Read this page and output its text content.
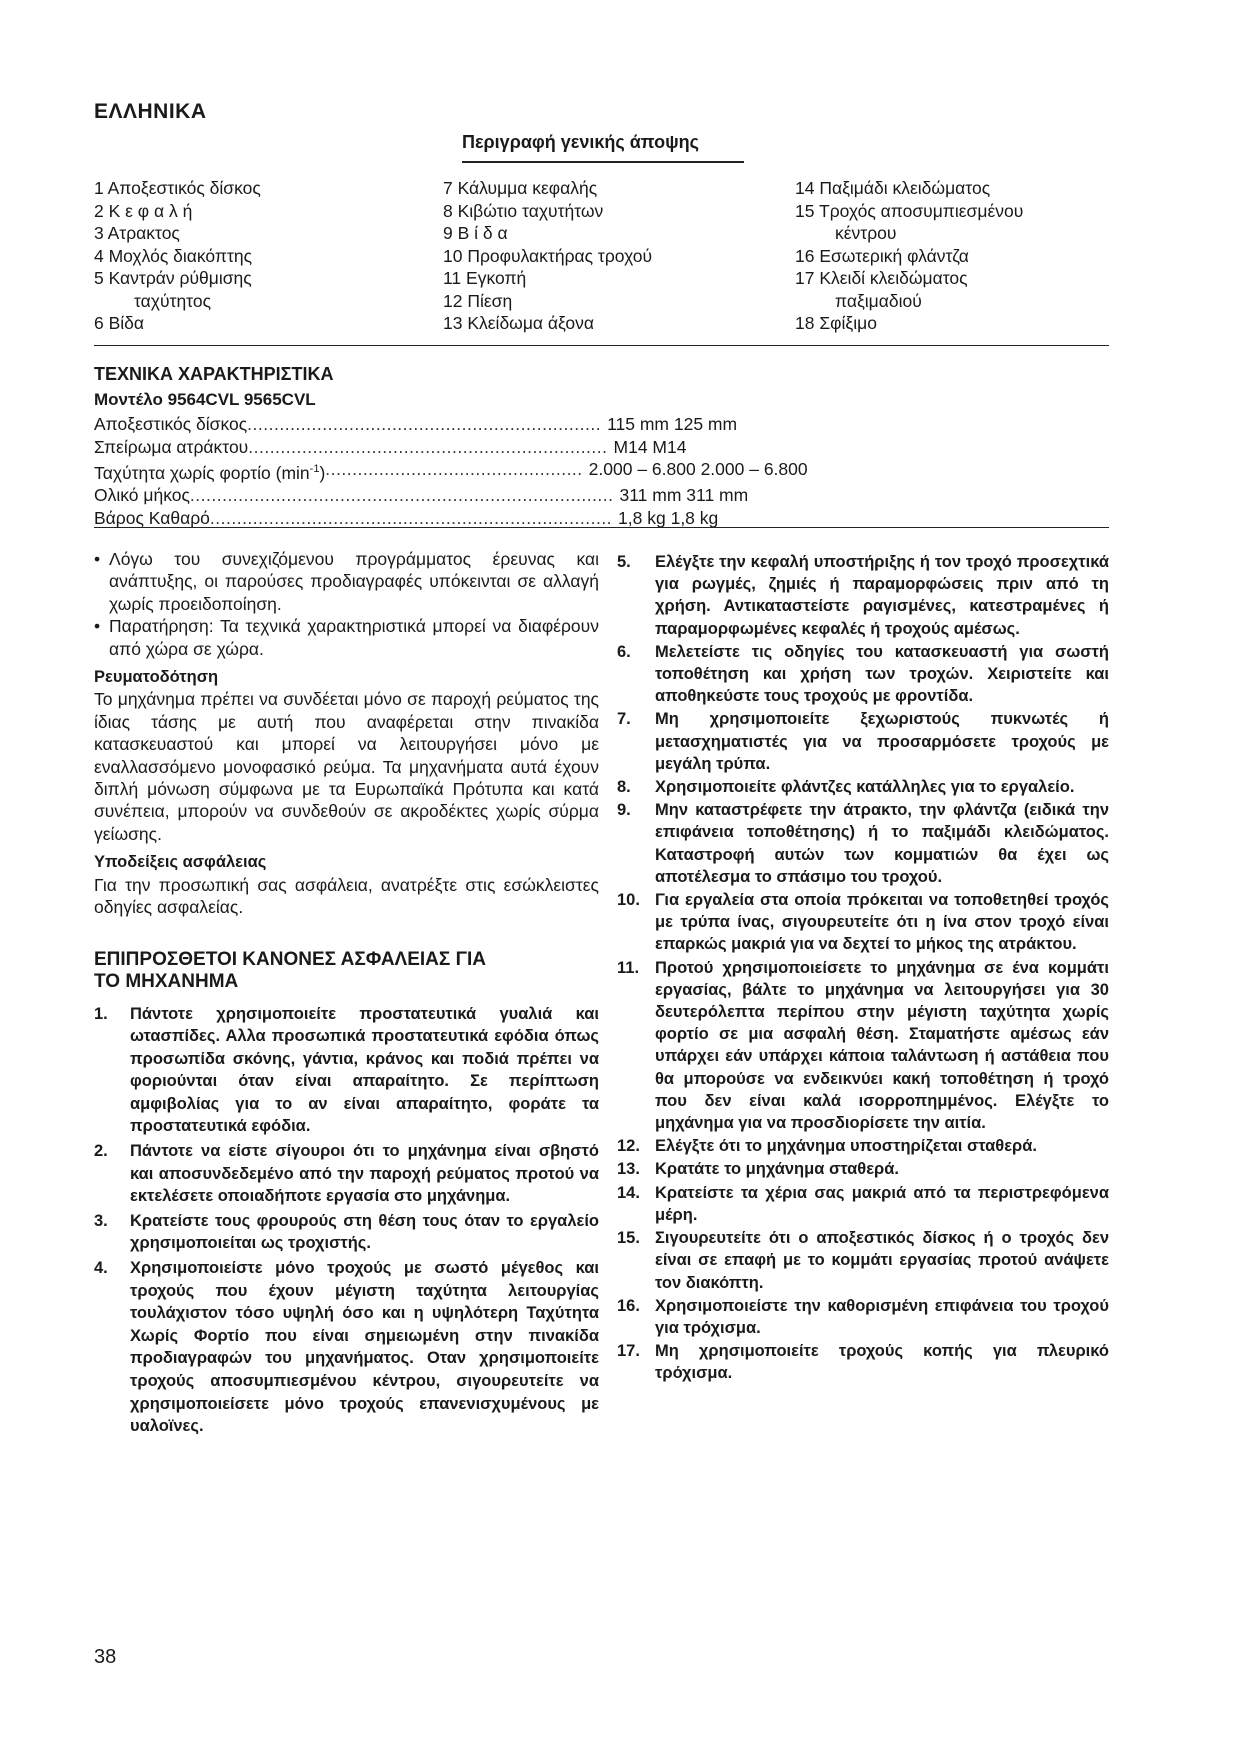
ΕΛΛΗΝΙΚΑ
Περιγραφή γενικής άποψης
1 Αποξεστικός δίσκος
2 Κ ε φ α λ ή
3 Ατρακτος
4 Μοχλός διακόπτης
5 Καντράν ρύθμισης
ταχύτητος
6 Βίδα
7 Κάλυμμα κεφαλής
8 Κιβώτιο ταχυτήτων
9 Β ί δ α
10 Προφυλακτήρας τροχού
11 Εγκοπή
12 Πίεση
13 Κλείδωμα άξονα
14 Παξιμάδι κλειδώματος
15 Τροχός αποσυμπιεσμένου
κέντρου
16 Εσωτερική φλάντζα
17 Κλειδί κλειδώματος
παξιμαδιού
18 Σφίξιμο
ΤΕΧΝΙΚΑ ΧΑΡΑΚΤΗΡΙΣΤΙΚΑ
Μοντέλο 9564CVL 9565CVL
Αποξεστικός δίσκος .................................................................. 115 mm 125 mm
Σπείρωμα ατράκτου ................................................................... M14 M14
Ταχύτητα χωρίς φορτίο $(\min^{-1})$ ................................................ 2.000 – 6.800 2.000 – 6.800
Ολικό μήκος ............................................................................... 311 mm 311 mm
Βάρος Καθαρό ........................................................................... 1,8 kg 1,8 kg
• Λόγω του συνεχιζόμενου προγράμματος έρευνας και ανάπτυξης, οι παρούσες προδιαγραφές υπόκεινται σε αλλαγή χωρίς προειδοποίηση.
• Παρατήρηση: Τα τεχνικά χαρακτηριστικά μπορεί να διαφέρουν από χώρα σε χώρα.
Ρευματοδότηση
Το μηχάνημα πρέπει να συνδέεται μόνο σε παροχή ρεύματος της ίδιας τάσης με αυτή που αναφέρεται στην πινακίδα κατασκευαστού και μπορεί να λειτουργήσει μόνο με εναλλασσόμενο μονοφασικό ρεύμα. Τα μηχανήματα αυτά έχουν διπλή μόνωση σύμφωνα με τα Ευρωπαϊκά Πρότυπα και κατά συνέπεια, μπορούν να συνδεθούν σε ακροδέκτες χωρίς σύρμα γείωσης.
Υποδείξεις ασφάλειας
Για την προσωπική σας ασφάλεια, ανατρέξτε στις εσώκλειστες οδηγίες ασφαλείας.
ΕΠΙΠΡΟΣΘΕΤΟΙ ΚΑΝΟΝΕΣ ΑΣΦΑΛΕΙΑΣ ΓΙΑ
ΤΟ ΜΗΧΑΝΗΜΑ
1.	Πάντοτε χρησιμοποιείτε προστατευτικά γυαλιά και ωτασπίδες. Αλλα προσωπικά προστατευτικά εφόδια όπως προσωπίδα σκόνης, γάντια, κράνος και ποδιά πρέπει να φοριούνται όταν είναι απαραίτητο. Σε περίπτωση αμφιβολίας για το αν είναι απαραίτητο, φοράτε τα προστατευτικά εφόδια.
2.	Πάντοτε να είστε σίγουροι ότι το μηχάνημα είναι σβηστό και αποσυνδεδεμένο από την παροχή ρεύματος προτού να εκτελέσετε οποιαδήποτε εργασία στο μηχάνημα.
3.	Κρατείστε τους φρουρούς στη θέση τους όταν το εργαλείο χρησιμοποιείται ως τροχιστής.
4.	Χρησιμοποιείστε μόνο τροχούς με σωστό μέγεθος και τροχούς που έχουν μέγιστη ταχύτητα λειτουργίας τουλάχιστον τόσο υψηλή όσο και η υψηλότερη Ταχύτητα Χωρίς Φορτίο που είναι σημειωμένη στην πινακίδα προδιαγραφών του μηχανήματος. Οταν χρησιμοποιείτε τροχούς αποσυμπιεσμένου κέντρου, σιγουρευτείτε να χρησιμοποιείσετε μόνο τροχούς επανενισχυμένους με υαλοϊνες.
5.	Ελέγξτε την κεφαλή υποστήριξης ή τον τροχό προσεχτικά για ρωγμές, ζημιές ή παραμορφώσεις πριν από τη χρήση. Αντικαταστείστε ραγισμένες, κατεστραμένες ή παραμορφωμένες κεφαλές ή τροχούς αμέσως.
6.	Μελετείστε τις οδηγίες του κατασκευαστή για σωστή τοποθέτηση και χρήση των τροχών. Χειριστείτε και αποθηκεύστε τους τροχούς με φροντίδα.
7.	Μη χρησιμοποιείτε ξεχωριστούς πυκνωτές ή μετασχηματιστές για να προσαρμόσετε τροχούς με μεγάλη τρύπα.
8.	Χρησιμοποιείτε φλάντζες κατάλληλες για το εργαλείο.
9.	Μην καταστρέφετε την άτρακτο, την φλάντζα (ειδικά την επιφάνεια τοποθέτησης) ή το παξιμάδι κλειδώματος. Καταστροφή αυτών των κομματιών θα έχει ως αποτέλεσμα το σπάσιμο του τροχού.
10. Για εργαλεία στα οποία πρόκειται να τοποθετηθεί τροχός με τρύπα ίνας, σιγουρευτείτε ότι η ίνα στον τροχό είναι επαρκώς μακριά για να δεχτεί το μήκος της ατράκτου.
11. Προτού χρησιμοποιείσετε το μηχάνημα σε ένα κομμάτι εργασίας, βάλτε το μηχάνημα να λειτουργήσει για 30 δευτερόλεπτα περίπου στην μέγιστη ταχύτητα χωρίς φορτίο σε μια ασφαλή θέση. Σταματήστε αμέσως εάν υπάρχει εάν υπάρχει κάποια ταλάντωση ή αστάθεια που θα μπορούσε να ενδεικνύει κακή τοποθέτηση ή τροχό που δεν είναι καλά ισορροπημμένος. Ελέγξτε το μηχάνημα για να προσδιορίσετε την αιτία.
12. Ελέγξτε ότι το μηχάνημα υποστηρίζεται σταθερά.
13. Κρατάτε το μηχάνημα σταθερά.
14. Κρατείστε τα χέρια σας μακριά από τα περιστρεφόμενα μέρη.
15. Σιγουρευτείτε ότι ο αποξεστικός δίσκος ή ο τροχός δεν είναι σε επαφή με το κομμάτι εργασίας προτού ανάψετε τον διακόπτη.
16. Χρησιμοποιείστε την καθορισμένη επιφάνεια του τροχού για τρόχισμα.
17. Μη χρησιμοποιείτε τροχούς κοπής για πλευρικό τρόχισμα.
38
